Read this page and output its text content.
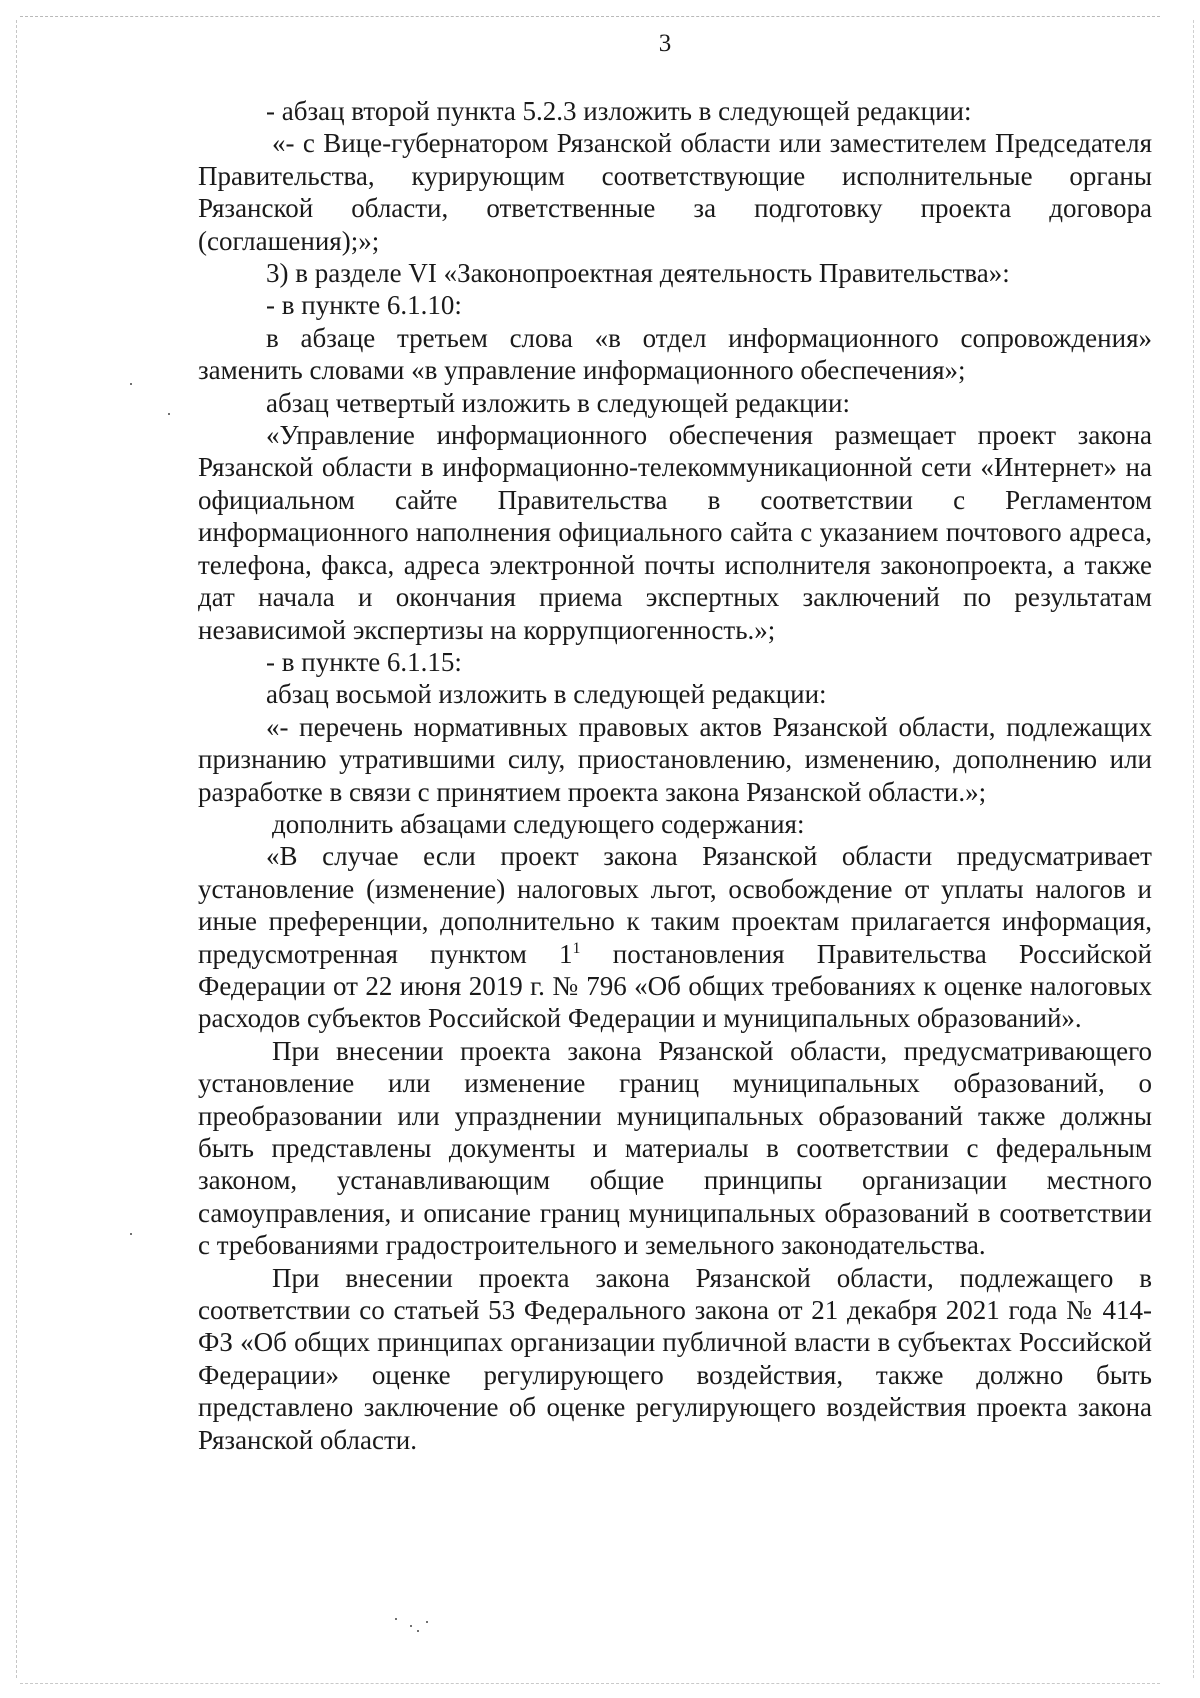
3

- абзац второй пункта 5.2.3 изложить в следующей редакции:

«- с Вице-губернатором Рязанской области или заместителем Председателя Правительства, курирующим соответствующие исполнительные органы Рязанской области, ответственные за подготовку проекта договора (соглашения);»;

3) в разделе VI «Законопроектная деятельность Правительства»:

- в пункте 6.1.10:

в абзаце третьем слова «в отдел информационного сопровождения» заменить словами «в управление информационного обеспечения»;

абзац четвертый изложить в следующей редакции:

«Управление информационного обеспечения размещает проект закона Рязанской области в информационно-телекоммуникационной сети «Интернет» на официальном сайте Правительства в соответствии с Регламентом информационного наполнения официального сайта с указанием почтового адреса, телефона, факса, адреса электронной почты исполнителя законопроекта, а также дат начала и окончания приема экспертных заключений по результатам независимой экспертизы на коррупциогенность.»;

- в пункте 6.1.15:

абзац восьмой изложить в следующей редакции:

«- перечень нормативных правовых актов Рязанской области, подлежащих признанию утратившими силу, приостановлению, изменению, дополнению или разработке в связи с принятием проекта закона Рязанской области.»;

дополнить абзацами следующего содержания:

«В случае если проект закона Рязанской области предусматривает установление (изменение) налоговых льгот, освобождение от уплаты налогов и иные преференции, дополнительно к таким проектам прилагается информация, предусмотренная пунктом $1^1$ постановления Правительства Российской Федерации от 22 июня 2019 г. № 796 «Об общих требованиях к оценке налоговых расходов субъектов Российской Федерации и муниципальных образований».

При внесении проекта закона Рязанской области, предусматривающего установление или изменение границ муниципальных образований, о преобразовании или упразднении муниципальных образований также должны быть представлены документы и материалы в соответствии с федеральным законом, устанавливающим общие принципы организации местного самоуправления, и описание границ муниципальных образований в соответствии с требованиями градостроительного и земельного законодательства.

При внесении проекта закона Рязанской области, подлежащего в соответствии со статьей 53 Федерального закона от 21 декабря 2021 года № 414-ФЗ «Об общих принципах организации публичной власти в субъектах Российской Федерации» оценке регулирующего воздействия, также должно быть представлено заключение об оценке регулирующего воздействия проекта закона Рязанской области.
